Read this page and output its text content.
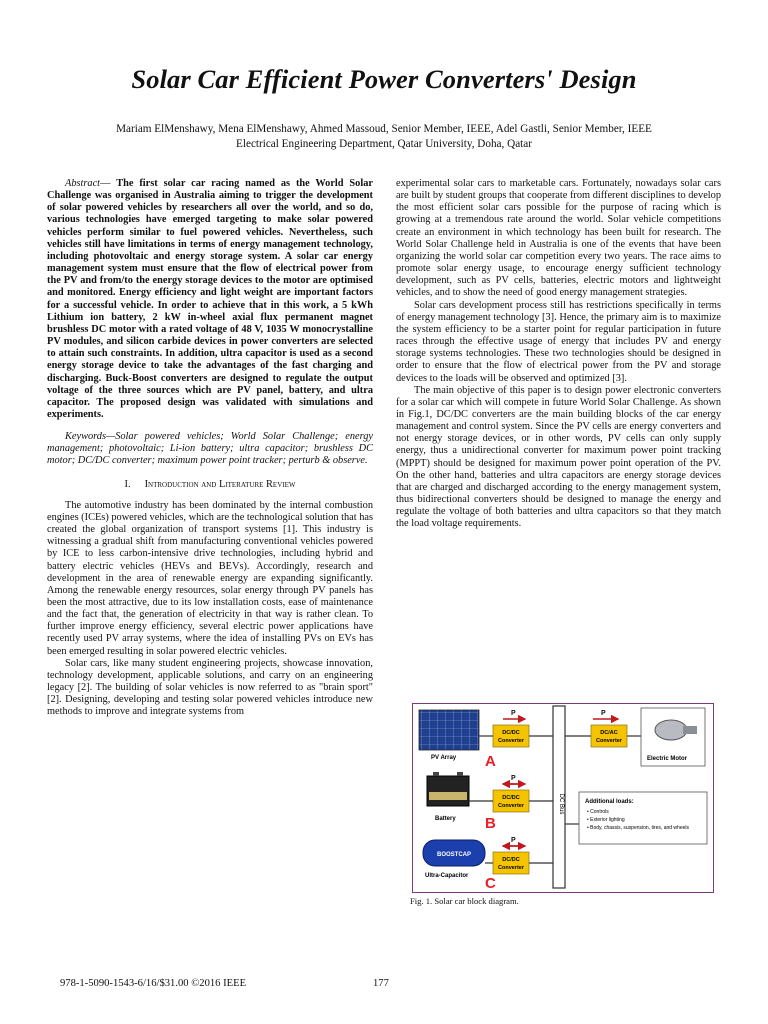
Solar Car Efficient Power Converters' Design
Mariam ElMenshawy, Mena ElMenshawy, Ahmed Massoud, Senior Member, IEEE, Adel Gastli, Senior Member, IEEE
Electrical Engineering Department, Qatar University, Doha, Qatar

Abstract— The first solar car racing named as the World Solar Challenge was organised in Australia aiming to trigger the development of solar powered vehicles by researchers all over the world, and so do, various technologies have emerged targeting to make solar powered vehicles perform similar to fuel powered vehicles. Nevertheless, such vehicles still have limitations in terms of energy management technology, including photovoltaic and energy storage system. A solar car energy management system must ensure that the flow of electrical power from the PV and from/to the energy storage devices to the motor are optimised and monitored. Energy efficiency and light weight are important factors for a successful vehicle. In order to achieve that in this work, a 5 kWh Lithium ion battery, 2 kW in-wheel axial flux permanent magnet brushless DC motor with a rated voltage of 48 V, 1035 W monocrystalline PV modules, and silicon carbide devices in power converters are selected to attain such constraints. In addition, ultra capacitor is used as a second energy storage device to take the advantages of the fast charging and discharging. Buck-Boost converters are designed to regulate the output voltage of the three sources which are PV panel, battery, and ultra capacitor. The proposed design was validated with simulations and experiments.

Keywords—Solar powered vehicles; World Solar Challenge; energy management; photovoltaic; Li-ion battery; ultra capacitor; brushless DC motor; DC/DC converter; maximum power point tracker; perturb & observe.

I. Introduction and Literature Review

The automotive industry has been dominated by the internal combustion engines (ICEs) powered vehicles, which are the technological solution that has created the global organization of transport systems [1]. This industry is witnessing a gradual shift from manufacturing conventional vehicles powered by ICE to less carbon-intensive drive technologies, including hybrid and battery electric vehicles (HEVs and BEVs). Accordingly, research and development in the area of renewable energy are expanding significantly. Among the renewable energy resources, solar energy through PV panels has been the most attractive, due to its low installation costs, ease of maintenance and the fact that, the generation of electricity in that way is rather clean. To further improve energy efficiency, several electric power applications have recently used PV array systems, where the idea of installing PVs on EVs has been emerged resulting in solar powered electric vehicles.

Solar cars, like many student engineering projects, showcase innovation, technology development, applicable solutions, and carry on an engineering legacy [2]. The building of solar vehicles is now referred to as "brain sport" [2]. Designing, developing and testing solar powered vehicles introduce new methods to improve and integrate systems from

experimental solar cars to marketable cars. Fortunately, nowadays solar cars are built by student groups that cooperate from different disciplines to develop the most efficient solar cars possible for the purpose of racing which is growing at a tremendous rate around the world. Solar vehicle competitions create an environment in which technology has been built for research. The World Solar Challenge held in Australia is one of the events that have been organizing the world solar car competition every two years. The race aims to promote solar energy usage, to encourage energy sufficient technology development, such as PV cells, batteries, electric motors and lightweight vehicles, and to show the need of good energy management strategies.

Solar cars development process still has restrictions specifically in terms of energy management technology [3]. Hence, the primary aim is to maximize the system efficiency to be a starter point for regular participation in future races through the effective usage of energy that includes PV and energy storage systems technologies. These two technologies should be designed in order to ensure that the flow of electrical power from the PV and storage devices to the loads will be observed and optimized [3].

The main objective of this paper is to design power electronic converters for a solar car which will compete in future World Solar Challenge. As shown in Fig.1, DC/DC converters are the main building blocks of the car energy management and control system. Since the PV cells are energy converters and not energy storage devices, or in other words, PV cells can only supply energy, thus a unidirectional converter for maximum power point tracking (MPPT) should be designed for maximum power point operation of the PV. On the other hand, batteries and ultra capacitors are energy storage devices that are charged and discharged according to the energy management system, thus bidirectional converters should be designed to manage the energy and regulate the voltage of both batteries and ultra capacitors so that they match the load voltage requirements.

PV Array A
Battery B
BOOSTCAP
Ultra-Capacitor C
DC/DC
Converter
DC/DC
Converter
DC/DC
Converter
P
P
P
P
DC Bus
DC/AC
Converter
Electric Motor
Additional loads:
• Controls
• Exterior lighting
• Body, chassis, suspension, tires, and wheels
Fig. 1. Solar car block diagram.
978-1-5090-1543-6/16/$31.00 ©2016 IEEE	177
